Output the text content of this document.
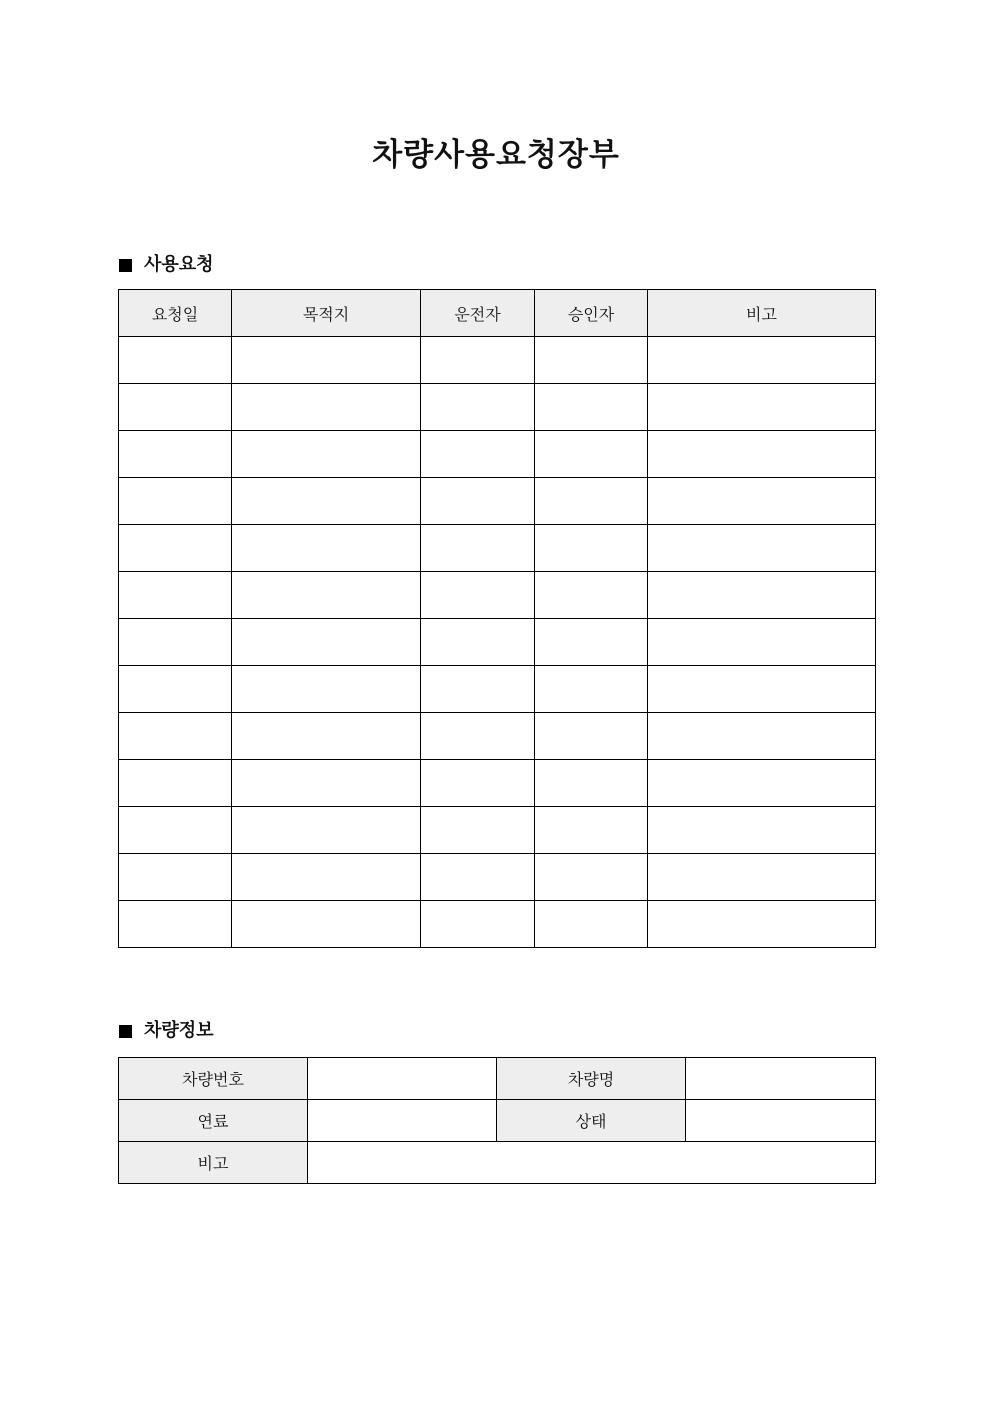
차량사용요청장부
사용요청
요청일	목적지	운전자	승인자	비고

차량정보
차량번호		차량명	
연료		상태	
비고			
